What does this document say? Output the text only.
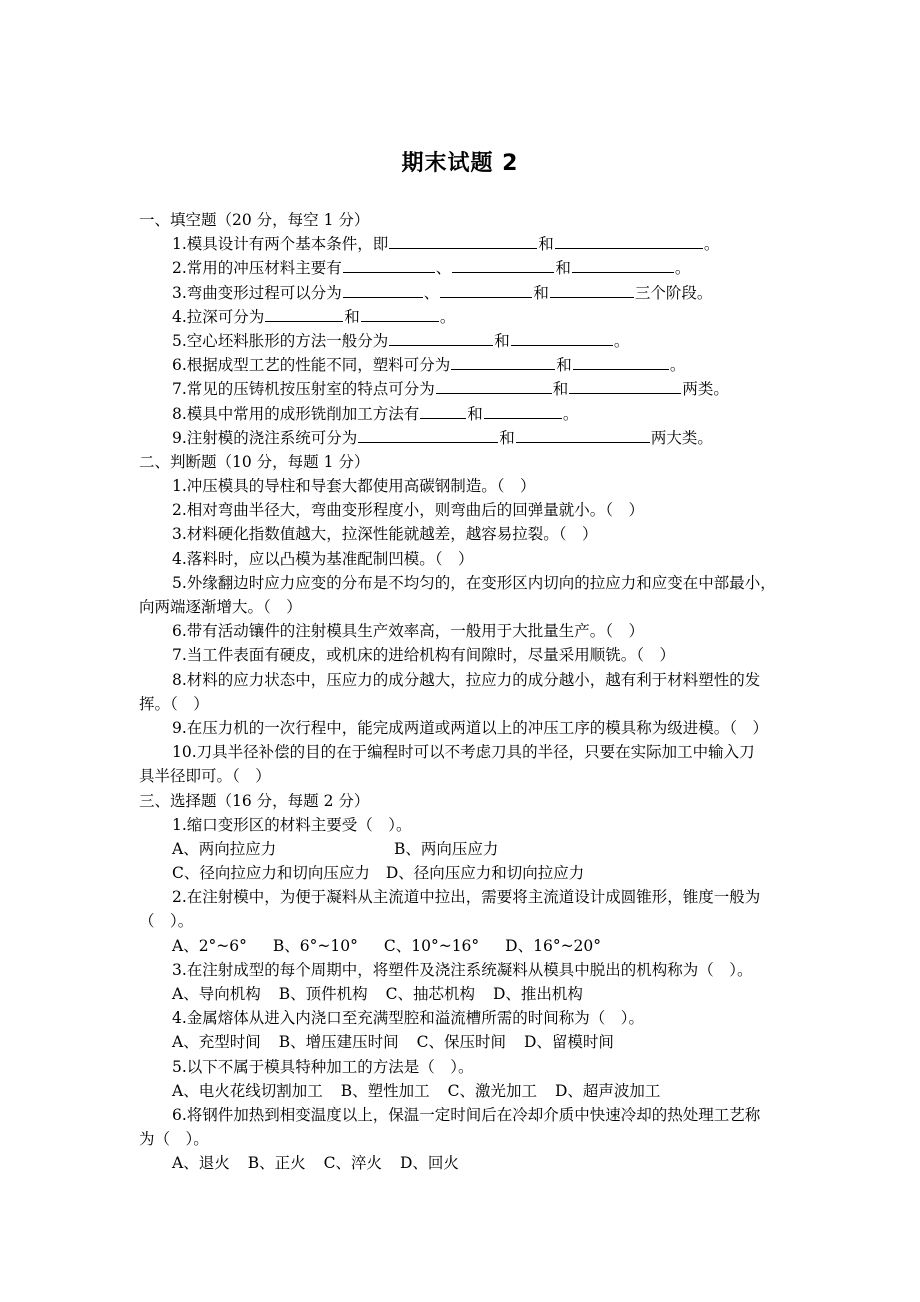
期末试题 2
一、填空题（20 分，每空 1 分）
1.模具设计有两个基本条件，即	和	。
2.常用的冲压材料主要有	、	和	。
3.弯曲变形过程可以分为	、	和	三个阶段。
4.拉深可分为	和	。
5.空心坯料胀形的方法一般分为	和	。
6.根据成型工艺的性能不同，塑料可分为	和	。
7.常见的压铸机按压射室的特点可分为	和	两类。
8.模具中常用的成形铣削加工方法有	和	。
9.注射模的浇注系统可分为	和	两大类。
二、判断题（10 分，每题 1 分）
1.冲压模具的导柱和导套大都使用高碳钢制造。（　）
2.相对弯曲半径大，弯曲变形程度小，则弯曲后的回弹量就小。（　）
3.材料硬化指数值越大，拉深性能就越差，越容易拉裂。（　）
4.落料时，应以凸模为基准配制凹模。（　）
5.外缘翻边时应力应变的分布是不均匀的，在变形区内切向的拉应力和应变在中部最小，
向两端逐渐增大。（　）
6.带有活动镶件的注射模具生产效率高，一般用于大批量生产。（　）
7.当工件表面有硬皮，或机床的进给机构有间隙时，尽量采用顺铣。（　）
8.材料的应力状态中，压应力的成分越大，拉应力的成分越小，越有利于材料塑性的发
挥。（　）
9.在压力机的一次行程中，能完成两道或两道以上的冲压工序的模具称为级进模。（　）
10.刀具半径补偿的目的在于编程时可以不考虑刀具的半径，只要在实际加工中输入刀
具半径即可。（　）
三、选择题（16 分，每题 2 分）
1.缩口变形区的材料主要受（　）。
A、两向拉应力	B、两向压应力
C、径向拉应力和切向压应力 D、径向压应力和切向拉应力
2.在注射模中，为便于凝料从主流道中拉出，需要将主流道设计成圆锥形，锥度一般为
（　）。
A、2°~6° B、6°~10° C、10°~16° D、16°~20°
3.在注射成型的每个周期中，将塑件及浇注系统凝料从模具中脱出的机构称为（　）。
A、导向机构 B、顶件机构 C、抽芯机构 D、推出机构
4.金属熔体从进入内浇口至充满型腔和溢流槽所需的时间称为（　）。
A、充型时间 B、增压建压时间 C、保压时间 D、留模时间
5.以下不属于模具特种加工的方法是（　）。
A、电火花线切割加工 B、塑性加工 C、激光加工 D、超声波加工
6.将钢件加热到相变温度以上，保温一定时间后在冷却介质中快速冷却的热处理工艺称
为（　）。
A、退火 B、正火 C、淬火 D、回火
